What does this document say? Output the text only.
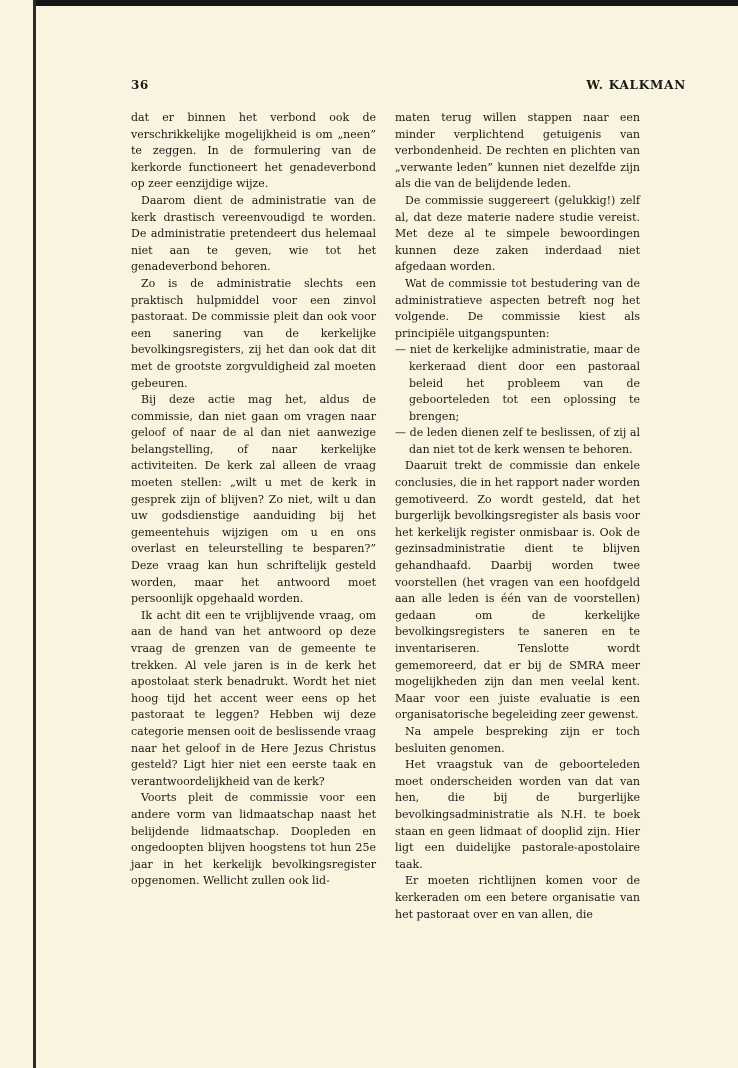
36	W. KALKMAN

dat er binnen het verbond ook de verschrikkelijke mogelijkheid is om „neen” te zeggen. In de formulering van de kerkorde functioneert het genadeverbond op zeer eenzijdige wijze.

Daarom dient de administratie van de kerk drastisch vereenvoudigd te worden. De administratie pretendeert dus helemaal niet aan te geven, wie tot het genadeverbond behoren.

Zo is de administratie slechts een praktisch hulpmiddel voor een zinvol pastoraat. De commissie pleit dan ook voor een sanering van de kerkelijke bevolkingsregisters, zij het dan ook dat dit met de grootste zorgvuldigheid zal moeten gebeuren.

Bij deze actie mag het, aldus de commissie, dan niet gaan om vragen naar geloof of naar de al dan niet aanwezige belangstelling, of naar kerkelijke activiteiten. De kerk zal alleen de vraag moeten stellen: „wilt u met de kerk in gesprek zijn of blijven? Zo niet, wilt u dan uw godsdienstige aanduiding bij het gemeentehuis wijzigen om u en ons overlast en teleurstelling te besparen?” Deze vraag kan hun schriftelijk gesteld worden, maar het antwoord moet persoonlijk opgehaald worden.

Ik acht dit een te vrijblijvende vraag, om aan de hand van het antwoord op deze vraag de grenzen van de gemeente te trekken. Al vele jaren is in de kerk het apostolaat sterk benadrukt. Wordt het niet hoog tijd het accent weer eens op het pastoraat te leggen? Hebben wij deze categorie mensen ooit de beslissende vraag naar het geloof in de Here Jezus Christus gesteld? Ligt hier niet een eerste taak en verantwoordelijkheid van de kerk?

Voorts pleit de commissie voor een andere vorm van lidmaatschap naast het belijdende lidmaatschap. Doopleden en ongedoopten blijven hoogstens tot hun 25e jaar in het kerkelijk bevolkingsregister opgenomen. Wellicht zullen ook lid-

maten terug willen stappen naar een minder verplichtend getuigenis van verbondenheid. De rechten en plichten van „verwante leden” kunnen niet dezelfde zijn als die van de belijdende leden.

De commissie suggereert (gelukkig!) zelf al, dat deze materie nadere studie vereist. Met deze al te simpele bewoordingen kunnen deze zaken inderdaad niet afgedaan worden.

Wat de commissie tot bestudering van de administratieve aspecten betreft nog het volgende. De commissie kiest als principiële uitgangspunten:

— niet de kerkelijke administratie, maar de kerkeraad dient door een pastoraal beleid het probleem van de geboorteleden tot een oplossing te brengen;

— de leden dienen zelf te beslissen, of zij al dan niet tot de kerk wensen te behoren.

Daaruit trekt de commissie dan enkele conclusies, die in het rapport nader worden gemotiveerd. Zo wordt gesteld, dat het burgerlijk bevolkingsregister als basis voor het kerkelijk register onmisbaar is. Ook de gezinsadministratie dient te blijven gehandhaafd. Daarbij worden twee voorstellen (het vragen van een hoofdgeld aan alle leden is één van de voorstellen) gedaan om de kerkelijke bevolkingsregisters te saneren en te inventariseren. Tenslotte wordt gememoreerd, dat er bij de SMRA meer mogelijkheden zijn dan men veelal kent. Maar voor een juiste evaluatie is een organisatorische begeleiding zeer gewenst.

Na ampele bespreking zijn er toch besluiten genomen.

Het vraagstuk van de geboorteleden moet onderscheiden worden van dat van hen, die bij de burgerlijke bevolkingsadministratie als N.H. te boek staan en geen lidmaat of dooplid zijn. Hier ligt een duidelijke pastorale-apostolaire taak.

Er moeten richtlijnen komen voor de kerkeraden om een betere organisatie van het pastoraat over en van allen, die
